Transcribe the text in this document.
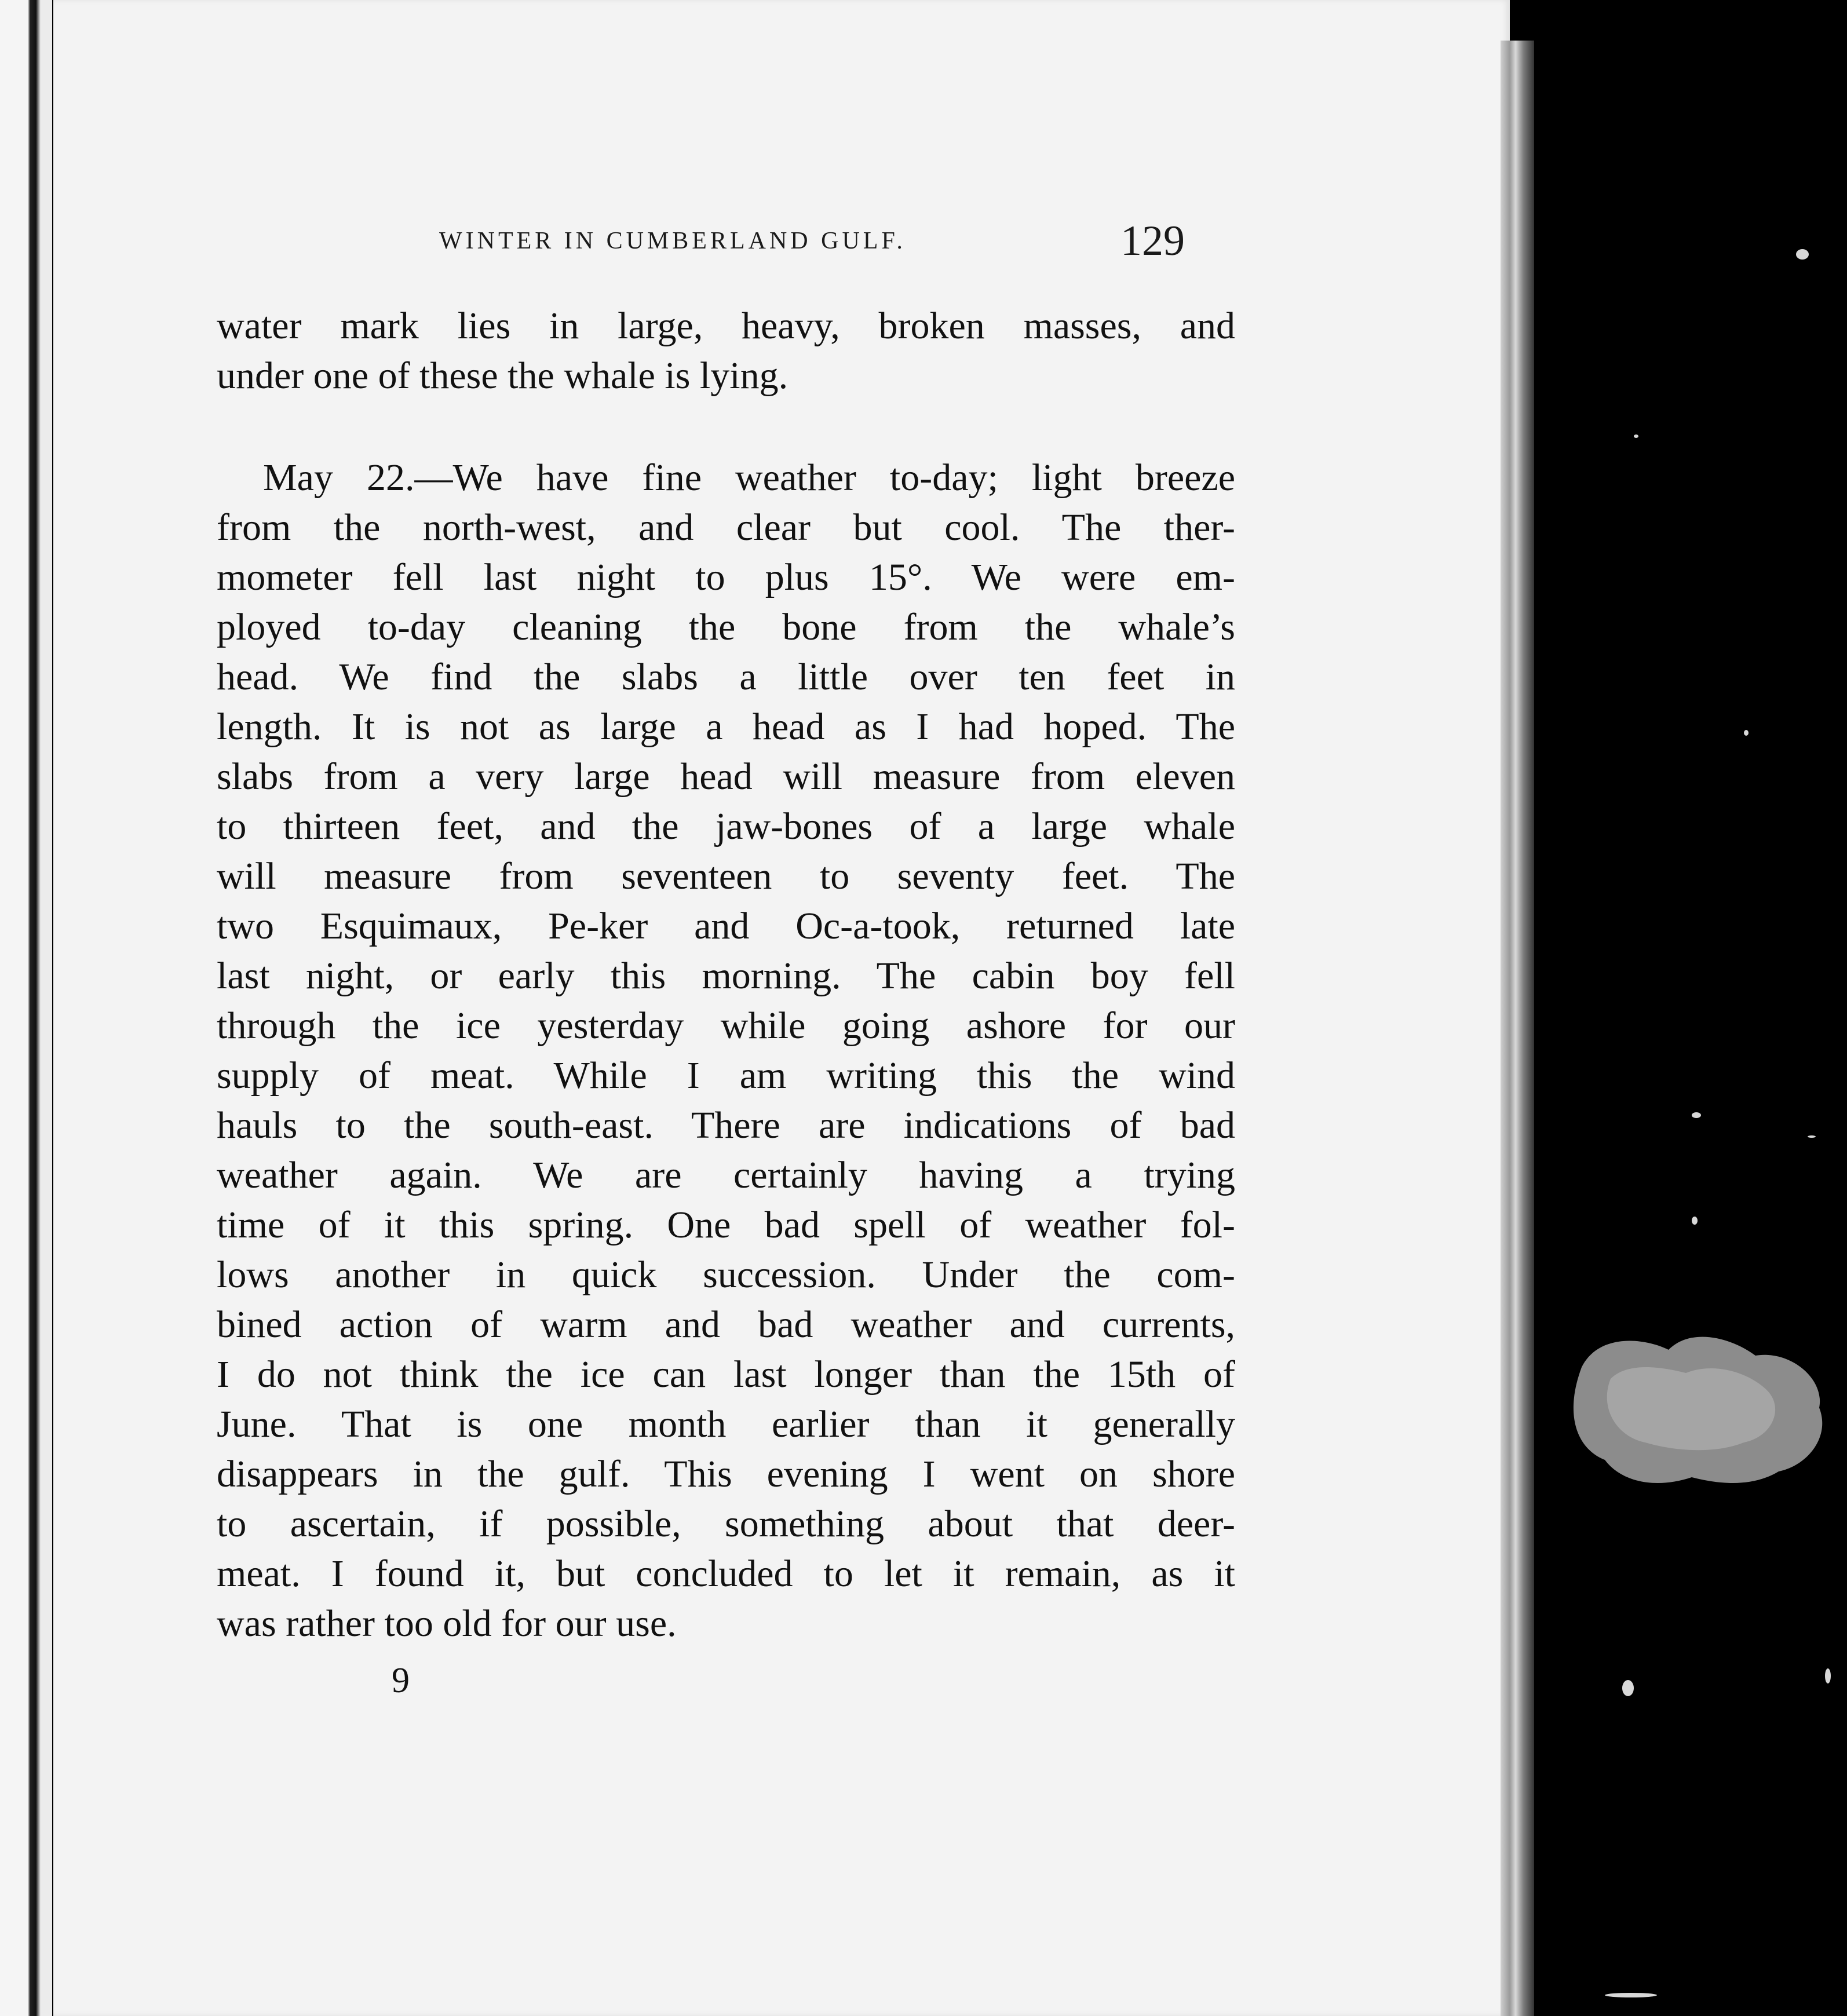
WINTER IN CUMBERLAND GULF.	129
water mark lies in large, heavy, broken masses, and
under one of these the whale is lying.
May 22.—We have fine weather to-day; light breeze
from the north-west, and clear but cool. The ther-
mometer fell last night to plus 15°. We were em-
ployed to-day cleaning the bone from the whale’s
head. We find the slabs a little over ten feet in
length. It is not as large a head as I had hoped. The
slabs from a very large head will measure from eleven
to thirteen feet, and the jaw-bones of a large whale
will measure from seventeen to seventy feet. The
two Esquimaux, Pe-ker and Oc-a-took, returned late
last night, or early this morning. The cabin boy fell
through the ice yesterday while going ashore for our
supply of meat. While I am writing this the wind
hauls to the south-east. There are indications of bad
weather again. We are certainly having a trying
time of it this spring. One bad spell of weather fol-
lows another in quick succession. Under the com-
bined action of warm and bad weather and currents,
I do not think the ice can last longer than the 15th of
June. That is one month earlier than it generally
disappears in the gulf. This evening I went on shore
to ascertain, if possible, something about that deer-
meat. I found it, but concluded to let it remain, as it
was rather too old for our use.
9
